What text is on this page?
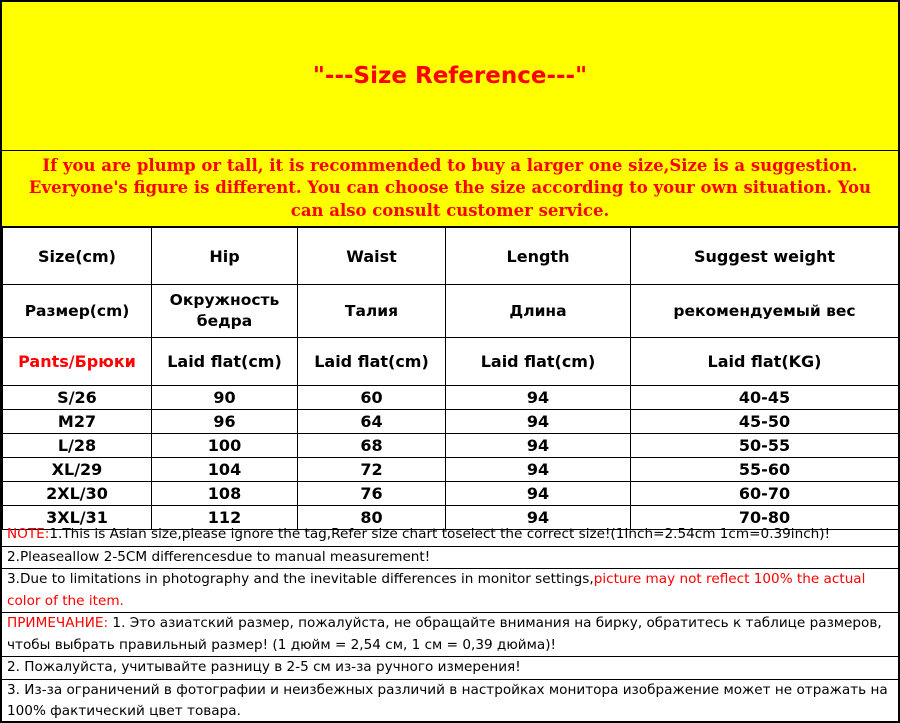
"---Size Reference---"
If you are plump or tall, it is recommended to buy a larger one size,Size is a suggestion. Everyone's figure is different. You can choose the size according to your own situation. You can also consult customer service.
Size(cm)	Hip	Waist	Length	Suggest weight
Размер(cm)	Окружность бедра	Талия	Длина	рекомендуемый вес
Pants/Брюки	Laid flat(cm)	Laid flat(cm)	Laid flat(cm)	Laid flat(KG)
S/26	90	60	94	40-45
M27	96	64	94	45-50
L/28	100	68	94	50-55
XL/29	104	72	94	55-60
2XL/30	108	76	94	60-70
3XL/31	112	80	94	70-80
NOTE:1.This is Asian size,please ignore the tag,Refer size chart toselect the correct size!(1Inch=2.54cm 1cm=0.39inch)!
2.Pleaseallow 2-5CM differencesdue to manual measurement!
3.Due to limitations in photography and the inevitable differences in monitor settings,picture may not reflect 100% the actual color of the item.
ПРИМЕЧАНИЕ: 1. Это азиатский размер, пожалуйста, не обращайте внимания на бирку, обратитесь к таблице размеров, чтобы выбрать правильный размер! (1 дюйм = 2,54 см, 1 см = 0,39 дюйма)!
2. Пожалуйста, учитывайте разницу в 2-5 см из-за ручного измерения!
3. Из-за ограничений в фотографии и неизбежных различий в настройках монитора изображение может не отражать на 100% фактический цвет товара.
